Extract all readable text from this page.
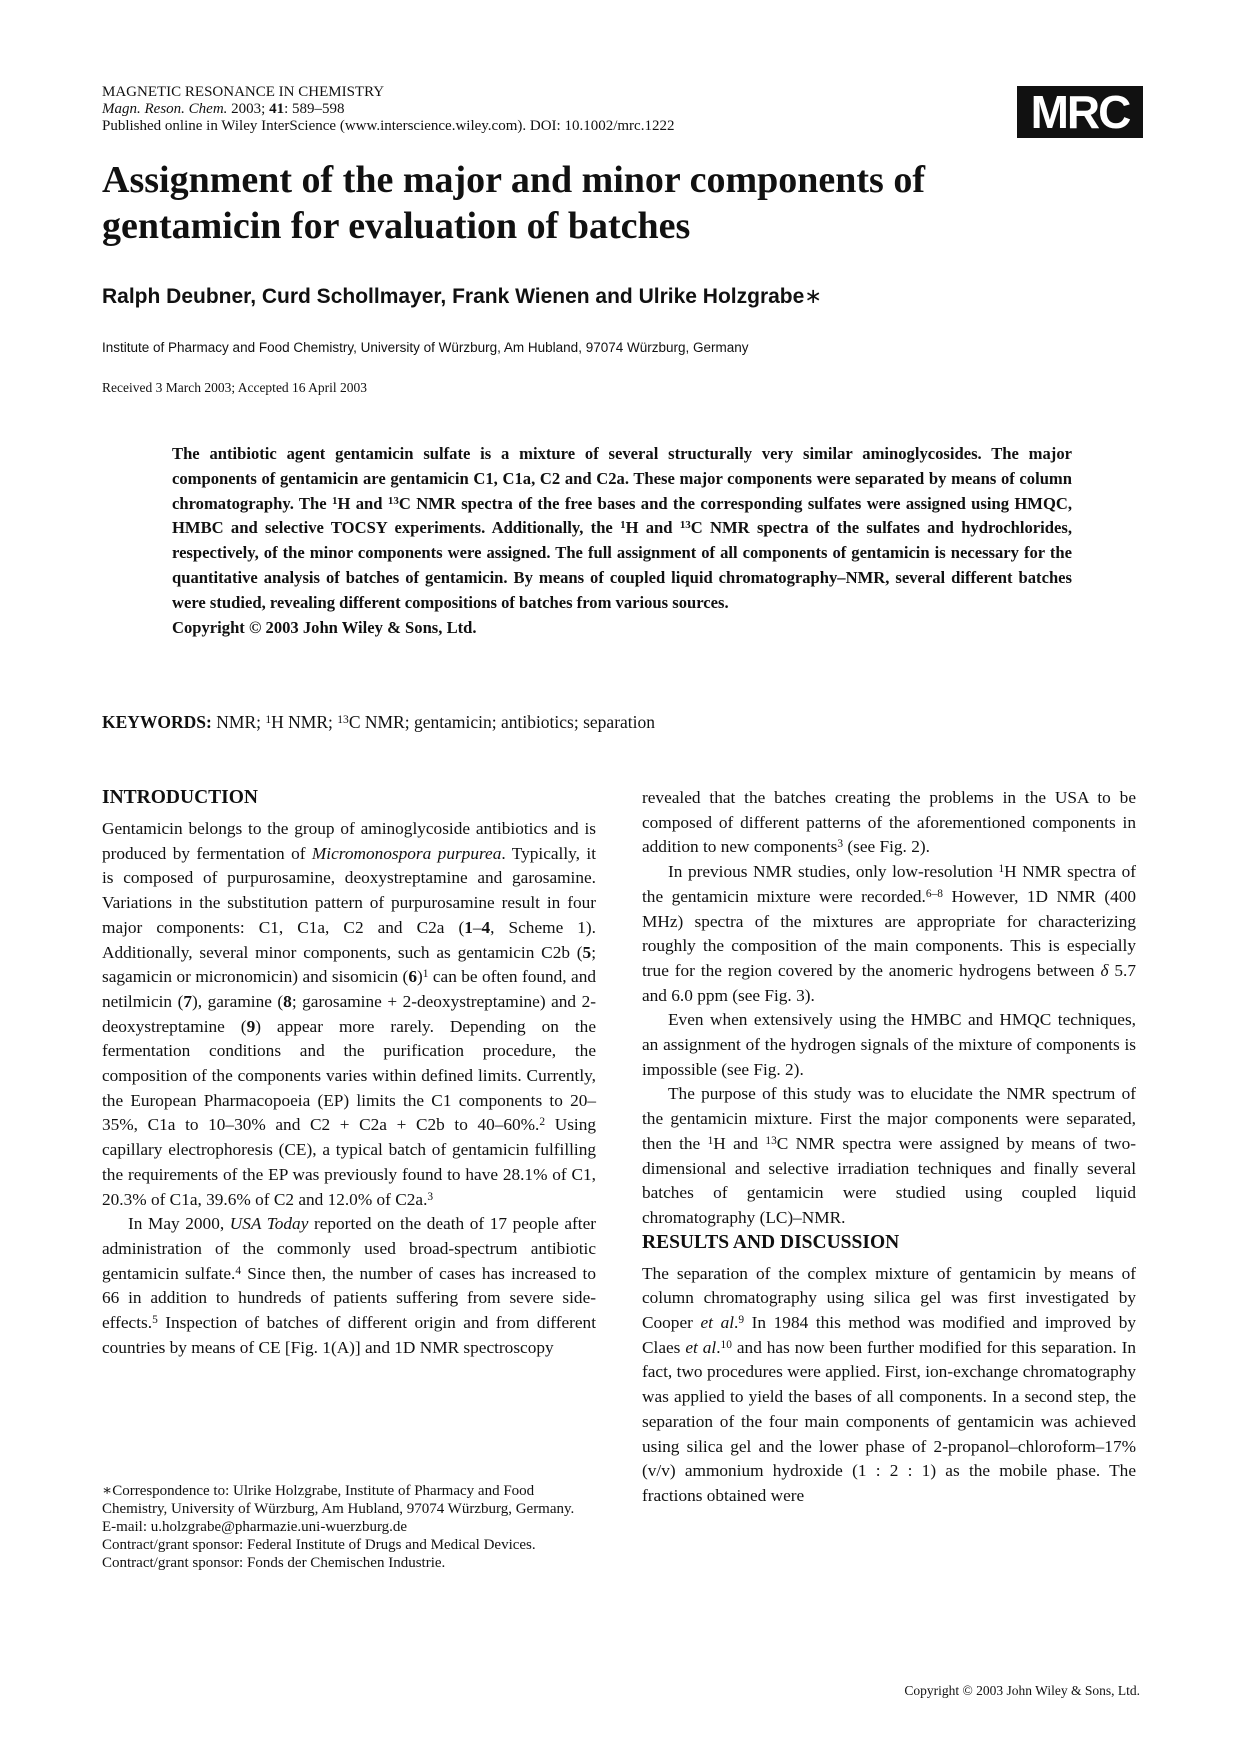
MAGNETIC RESONANCE IN CHEMISTRY
Magn. Reson. Chem. 2003; 41: 589–598
Published online in Wiley InterScience (www.interscience.wiley.com). DOI: 10.1002/mrc.1222	MRC
Assignment of the major and minor components of gentamicin for evaluation of batches
Ralph Deubner, Curd Schollmayer, Frank Wienen and Ulrike Holzgrabe∗
Institute of Pharmacy and Food Chemistry, University of Würzburg, Am Hubland, 97074 Würzburg, Germany
Received 3 March 2003; Accepted 16 April 2003
The antibiotic agent gentamicin sulfate is a mixture of several structurally very similar aminoglycosides. The major components of gentamicin are gentamicin C1, C1a, C2 and C2a. These major components were separated by means of column chromatography. The $^1$H and $^{13}$C NMR spectra of the free bases and the corresponding sulfates were assigned using HMQC, HMBC and selective TOCSY experiments. Additionally, the $^1$H and $^{13}$C NMR spectra of the sulfates and hydrochlorides, respectively, of the minor components were assigned. The full assignment of all components of gentamicin is necessary for the quantitative analysis of batches of gentamicin. By means of coupled liquid chromatography–NMR, several different batches were studied, revealing different compositions of batches from various sources.
Copyright © 2003 John Wiley & Sons, Ltd.
KEYWORDS: NMR; $^1$H NMR; $^{13}$C NMR; gentamicin; antibiotics; separation
INTRODUCTION

Gentamicin belongs to the group of aminoglycoside antibiotics and is produced by fermentation of Micromonospora purpurea. Typically, it is composed of purpurosamine, deoxystreptamine and garosamine. Variations in the substitution pattern of purpurosamine result in four major components: C1, C1a, C2 and C2a (1–4, Scheme 1). Additionally, several minor components, such as gentamicin C2b (5; sagamicin or micronomicin) and sisomicin $(6)^1$ can be often found, and netilmicin (7), garamine (8; garosamine + 2-deoxystreptamine) and 2-deoxystreptamine (9) appear more rarely. Depending on the fermentation conditions and the purification procedure, the composition of the components varies within defined limits. Currently, the European Pharmacopoeia (EP) limits the C1 components to 20–35%, C1a to 10–30% and C2 + C2a + C2b to 40–60%.$^2$ Using capillary electrophoresis (CE), a typical batch of gentamicin fulfilling the requirements of the EP was previously found to have 28.1% of C1, 20.3% of C1a, 39.6% of C2 and 12.0% of C2a.$^3$

In May 2000, USA Today reported on the death of 17 people after administration of the commonly used broad-spectrum antibiotic gentamicin sulfate.$^4$ Since then, the number of cases has increased to 66 in addition to hundreds of patients suffering from severe side-effects.$^5$ Inspection of batches of different origin and from different countries by means of CE [Fig. 1(A)] and 1D NMR spectroscopy

revealed that the batches creating the problems in the USA to be composed of different patterns of the aforementioned components in addition to new components$^3$ (see Fig. 2).

In previous NMR studies, only low-resolution $^1$H NMR spectra of the gentamicin mixture were recorded.$^{6-8}$ However, 1D NMR (400 MHz) spectra of the mixtures are appropriate for characterizing roughly the composition of the main components. This is especially true for the region covered by the anomeric hydrogens between δ 5.7 and 6.0 ppm (see Fig. 3).

Even when extensively using the HMBC and HMQC techniques, an assignment of the hydrogen signals of the mixture of components is impossible (see Fig. 2).

The purpose of this study was to elucidate the NMR spectrum of the gentamicin mixture. First the major components were separated, then the $^1$H and $^{13}$C NMR spectra were assigned by means of two-dimensional and selective irradiation techniques and finally several batches of gentamicin were studied using coupled liquid chromatography (LC)–NMR.

RESULTS AND DISCUSSION

The separation of the complex mixture of gentamicin by means of column chromatography using silica gel was first investigated by Cooper et al.$^9$ In 1984 this method was modified and improved by Claes et al.$^{10}$ and has now been further modified for this separation. In fact, two procedures were applied. First, ion-exchange chromatography was applied to yield the bases of all components. In a second step, the separation of the four main components of gentamicin was achieved using silica gel and the lower phase of 2-propanol–chloroform–17% (v/v) ammonium hydroxide (1 : 2 : 1) as the mobile phase. The fractions obtained were

∗Correspondence to: Ulrike Holzgrabe, Institute of Pharmacy and Food Chemistry, University of Würzburg, Am Hubland, 97074 Würzburg, Germany.
E-mail: u.holzgrabe@pharmazie.uni-wuerzburg.de
Contract/grant sponsor: Federal Institute of Drugs and Medical Devices.
Contract/grant sponsor: Fonds der Chemischen Industrie.
Copyright © 2003 John Wiley & Sons, Ltd.
